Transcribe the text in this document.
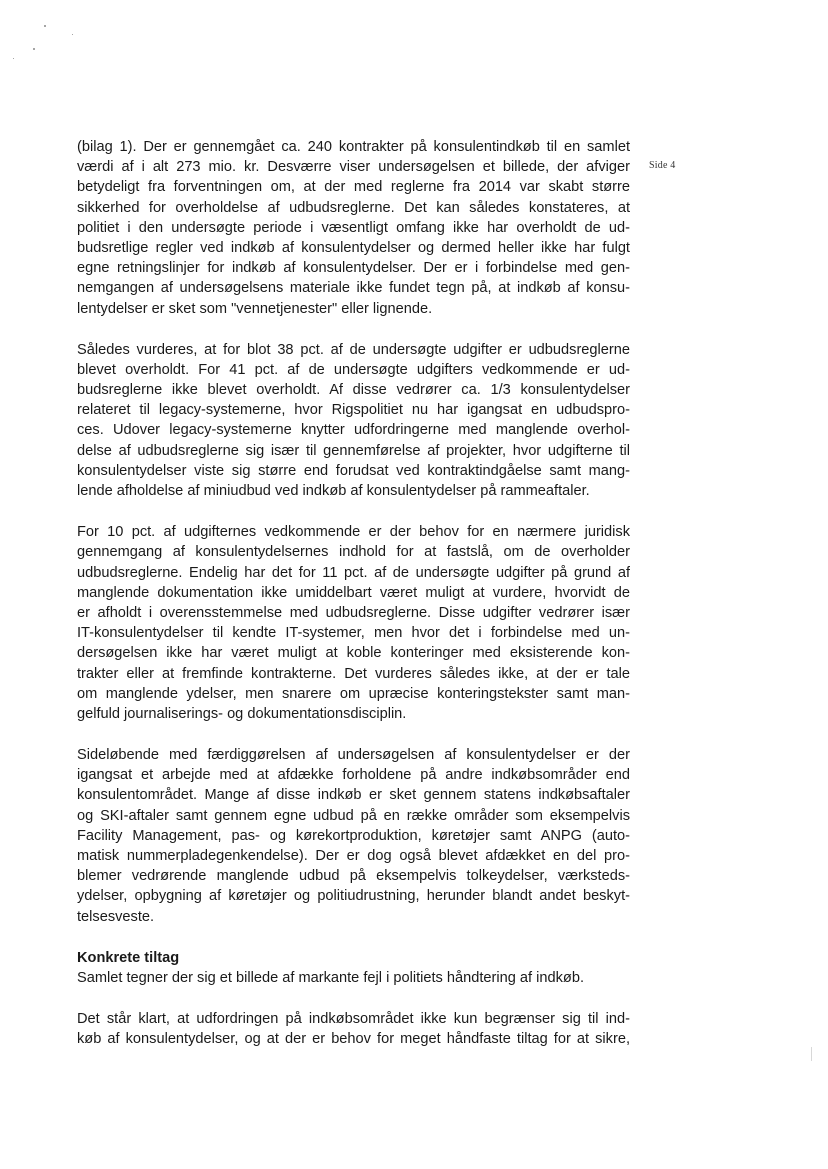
Side 4
(bilag 1). Der er gennemgået ca. 240 kontrakter på konsulentindkøb til en samlet
værdi af i alt 273 mio. kr. Desværre viser undersøgelsen et billede, der afviger
betydeligt fra forventningen om, at der med reglerne fra 2014 var skabt større
sikkerhed for overholdelse af udbudsreglerne. Det kan således konstateres, at
politiet i den undersøgte periode i væsentligt omfang ikke har overholdt de ud-
budsretlige regler ved indkøb af konsulentydelser og dermed heller ikke har fulgt
egne retningslinjer for indkøb af konsulentydelser. Der er i forbindelse med gen-
nemgangen af undersøgelsens materiale ikke fundet tegn på, at indkøb af konsu-
lentydelser er sket som "vennetjenester" eller lignende.
Således vurderes, at for blot 38 pct. af de undersøgte udgifter er udbudsreglerne
blevet overholdt. For 41 pct. af de undersøgte udgifters vedkommende er ud-
budsreglerne ikke blevet overholdt. Af disse vedrører ca. 1/3 konsulentydelser
relateret til legacy-systemerne, hvor Rigspolitiet nu har igangsat en udbudspro-
ces. Udover legacy-systemerne knytter udfordringerne med manglende overhol-
delse af udbudsreglerne sig især til gennemførelse af projekter, hvor udgifterne til
konsulentydelser viste sig større end forudsat ved kontraktindgåelse samt mang-
lende afholdelse af miniudbud ved indkøb af konsulentydelser på rammeaftaler.
For 10 pct. af udgifternes vedkommende er der behov for en nærmere juridisk
gennemgang af konsulentydelsernes indhold for at fastslå, om de overholder
udbudsreglerne. Endelig har det for 11 pct. af de undersøgte udgifter på grund af
manglende dokumentation ikke umiddelbart været muligt at vurdere, hvorvidt de
er afholdt i overensstemmelse med udbudsreglerne. Disse udgifter vedrører især
IT-konsulentydelser til kendte IT-systemer, men hvor det i forbindelse med un-
dersøgelsen ikke har været muligt at koble konteringer med eksisterende kon-
trakter eller at fremfinde kontrakterne. Det vurderes således ikke, at der er tale
om manglende ydelser, men snarere om upræcise konteringstekster samt man-
gelfuld journaliserings- og dokumentationsdisciplin.
Sideløbende med færdiggørelsen af undersøgelsen af konsulentydelser er der
igangsat et arbejde med at afdække forholdene på andre indkøbsområder end
konsulentområdet. Mange af disse indkøb er sket gennem statens indkøbsaftaler
og SKI-aftaler samt gennem egne udbud på en række områder som eksempelvis
Facility Management, pas- og kørekortproduktion, køretøjer samt ANPG (auto-
matisk nummerpladegenkendelse). Der er dog også blevet afdækket en del pro-
blemer vedrørende manglende udbud på eksempelvis tolkeydelser, værksteds-
ydelser, opbygning af køretøjer og politiudrustning, herunder blandt andet beskyt-
telsesveste.
Konkrete tiltag
Samlet tegner der sig et billede af markante fejl i politiets håndtering af indkøb.
Det står klart, at udfordringen på indkøbsområdet ikke kun begrænser sig til ind-
køb af konsulentydelser, og at der er behov for meget håndfaste tiltag for at sikre,
